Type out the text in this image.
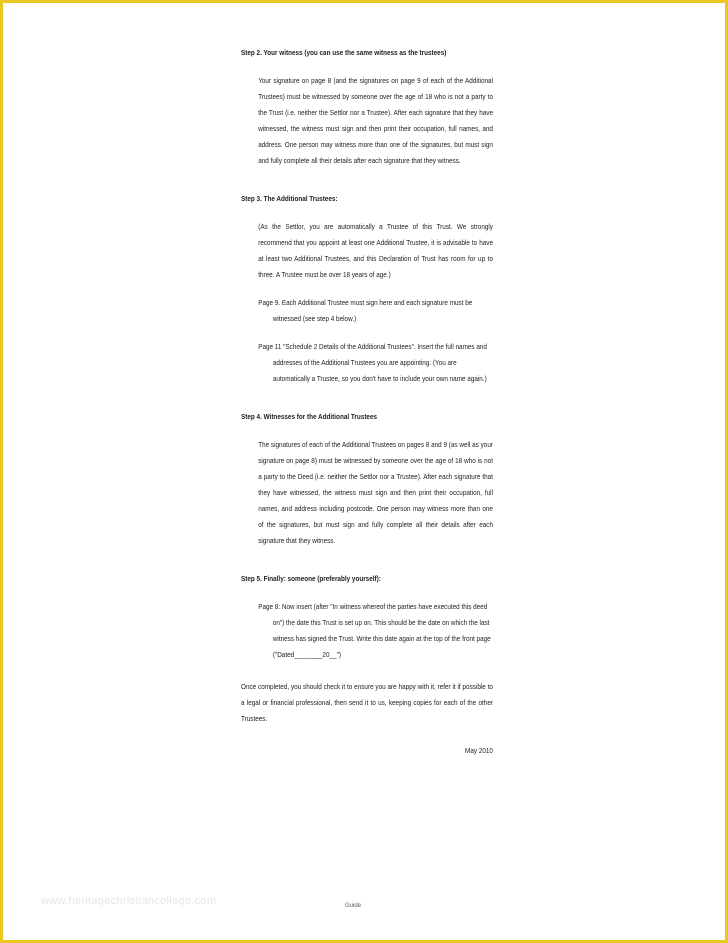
Step 2. Your witness (you can use the same witness as the trustees)

Your signature on page 8 (and the signatures on page 9 of each of the Additional Trustees) must be witnessed by someone over the age of 18 who is not a party to the Trust (i.e. neither the Settlor nor a Trustee). After each signature that they have witnessed, the witness must sign and then print their occupation, full names, and address. One person may witness more than one of the signatures, but must sign and fully complete all their details after each signature that they witness.

Step 3. The Additional Trustees:

(As the Settlor, you are automatically a Trustee of this Trust. We strongly recommend that you appoint at least one Additional Trustee, it is advisable to have at least two Additional Trustees, and this Declaration of Trust has room for up to three. A Trustee must be over 18 years of age.)

Page 9. Each Additional Trustee must sign here and each signature must be witnessed (see step 4 below.)

Page 11 "Schedule 2 Details of the Additional Trustees". Insert the full names and addresses of the Additional Trustees you are appointing. (You are automatically a Trustee, so you don't have to include your own name again.)

Step 4. Witnesses for the Additional Trustees

The signatures of each of the Additional Trustees on pages 8 and 9 (as well as your signature on page 8) must be witnessed by someone over the age of 18 who is not a party to the Deed (i.e. neither the Settlor nor a Trustee). After each signature that they have witnessed, the witness must sign and then print their occupation, full names, and address including postcode. One person may witness more than one of the signatures, but must sign and fully complete all their details after each signature that they witness.

Step 5. Finally: someone (preferably yourself):

Page 8: Now insert (after "In witness whereof the parties have executed this deed on") the date this Trust is set up on. This should be the date on which the last witness has signed the Trust. Write this date again at the top of the front page ("Dated________20__")

Once completed, you should check it to ensure you are happy with it, refer it if possible to a legal or financial professional, then send it to us, keeping copies for each of the other Trustees.

May 2010

www.heritagechristiancollege.com	Guide
